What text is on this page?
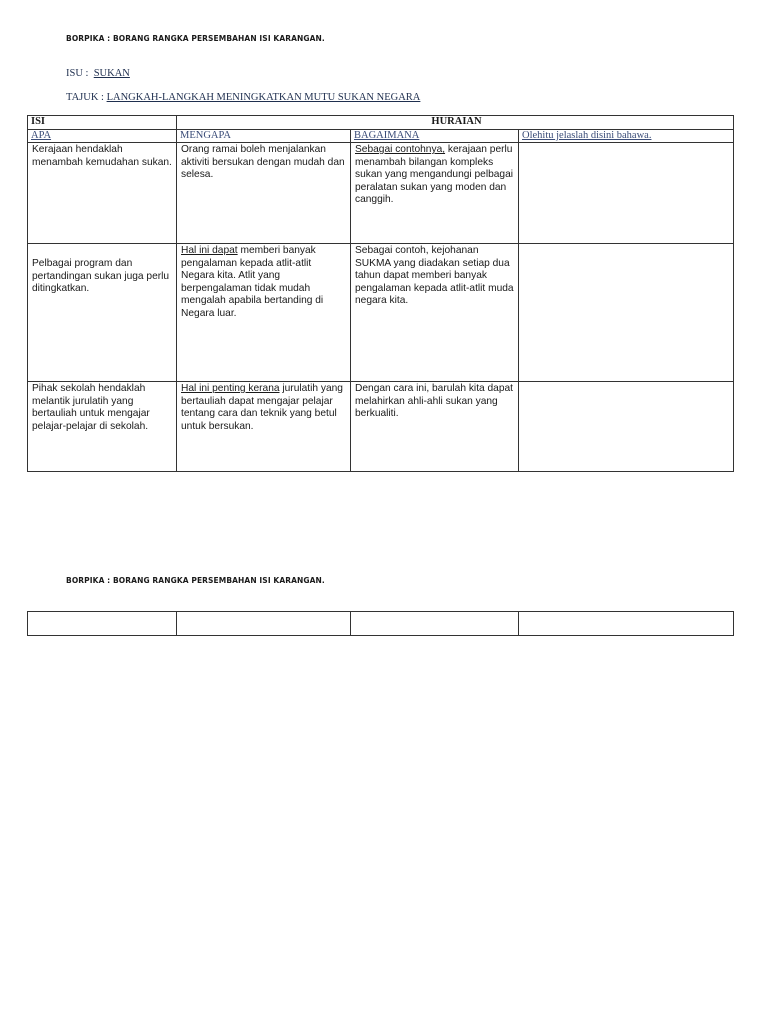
BORPIKA : BORANG RANGKA PERSEMBAHAN ISI KARANGAN.
ISU : SUKAN
TAJUK : LANGKAH-LANGKAH MENINGKATKAN MUTU SUKAN NEGARA
ISI	HURAIAN		
APA	MENGAPA	BAGAIMANA	Olehitu jelaslah disini bahawa.
Kerajaan hendaklah menambah kemudahan sukan.	Orang ramai boleh menjalankan aktiviti bersukan dengan mudah dan selesa.	Sebagai contohnya, kerajaan perlu menambah bilangan kompleks sukan yang mengandungi pelbagai peralatan sukan yang moden dan canggih.	

Pelbagai program dan pertandingan sukan juga perlu ditingkatkan.	Hal ini dapat memberi banyak pengalaman kepada atlit-atlit Negara kita. Atlit yang berpengalaman tidak mudah mengalah apabila bertanding di Negara luar.	Sebagai contoh, kejohanan SUKMA yang diadakan setiap dua tahun dapat memberi banyak pengalaman kepada atlit-atlit muda negara kita.	
Pihak sekolah hendaklah melantik jurulatih yang bertauliah untuk mengajar pelajar-pelajar di sekolah.	Hal ini penting kerana jurulatih yang bertauliah dapat mengajar pelajar tentang cara dan teknik yang betul untuk bersukan.	Dengan cara ini, barulah kita dapat melahirkan ahli-ahli sukan yang berkualiti.	
BORPIKA : BORANG RANGKA PERSEMBAHAN ISI KARANGAN.
